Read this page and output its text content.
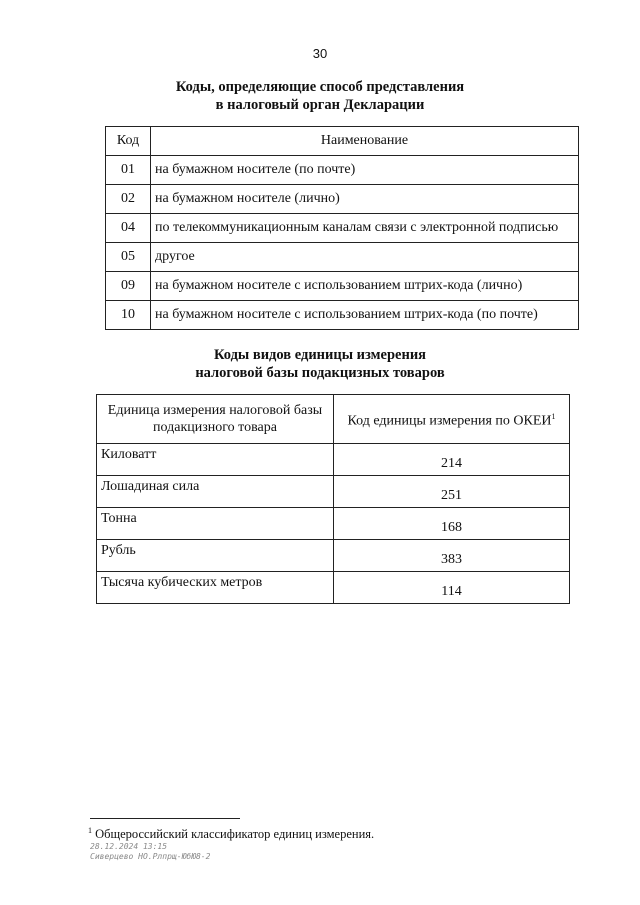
30
Коды, определяющие способ представления
в налоговый орган Декларации
Код	Наименование
01	на бумажном носителе (по почте)
02	на бумажном носителе (лично)
04	по телекоммуникационным каналам связи с электронной подписью
05	другое
09	на бумажном носителе с использованием штрих-кода (лично)
10	на бумажном носителе с использованием штрих-кода (по почте)
Коды видов единицы измерения
налоговой базы подакцизных товаров
Единица измерения налоговой базы подакцизного товара	Код единицы измерения по ОКЕИ$^1$
Киловатт	214
Лошадиная сила	251
Тонна	168
Рубль	383
Тысяча кубических метров	114
$^1$ Общероссийский классификатор единиц измерения.
28.12.2024 13:15
Сиверцево НО.Рлпрщ-ЮбЮ8-2
